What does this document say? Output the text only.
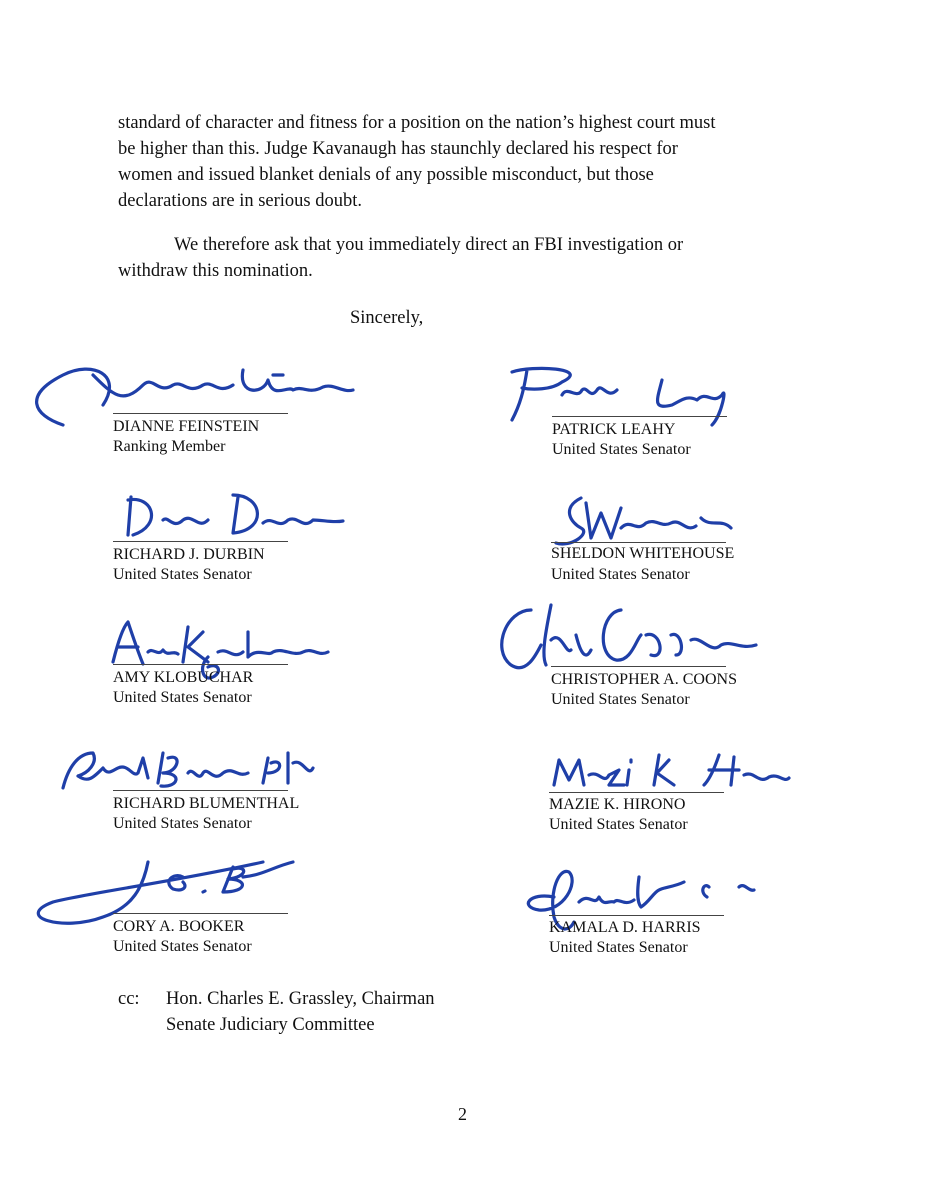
standard of character and fitness for a position on the nation’s highest court must
be higher than this. Judge Kavanaugh has staunchly declared his respect for
women and issued blanket denials of any possible misconduct, but those
declarations are in serious doubt.
We therefore ask that you immediately direct an FBI investigation or
withdraw this nomination.
Sincerely,
DIANNE FEINSTEIN
Ranking Member
PATRICK LEAHY
United States Senator
RICHARD J. DURBIN
United States Senator
SHELDON WHITEHOUSE
United States Senator
AMY KLOBUCHAR
United States Senator
CHRISTOPHER A. COONS
United States Senator
RICHARD BLUMENTHAL
United States Senator
MAZIE K. HIRONO
United States Senator
CORY A. BOOKER
United States Senator
KAMALA D. HARRIS
United States Senator
cc: Hon. Charles E. Grassley, Chairman
Senate Judiciary Committee
2
